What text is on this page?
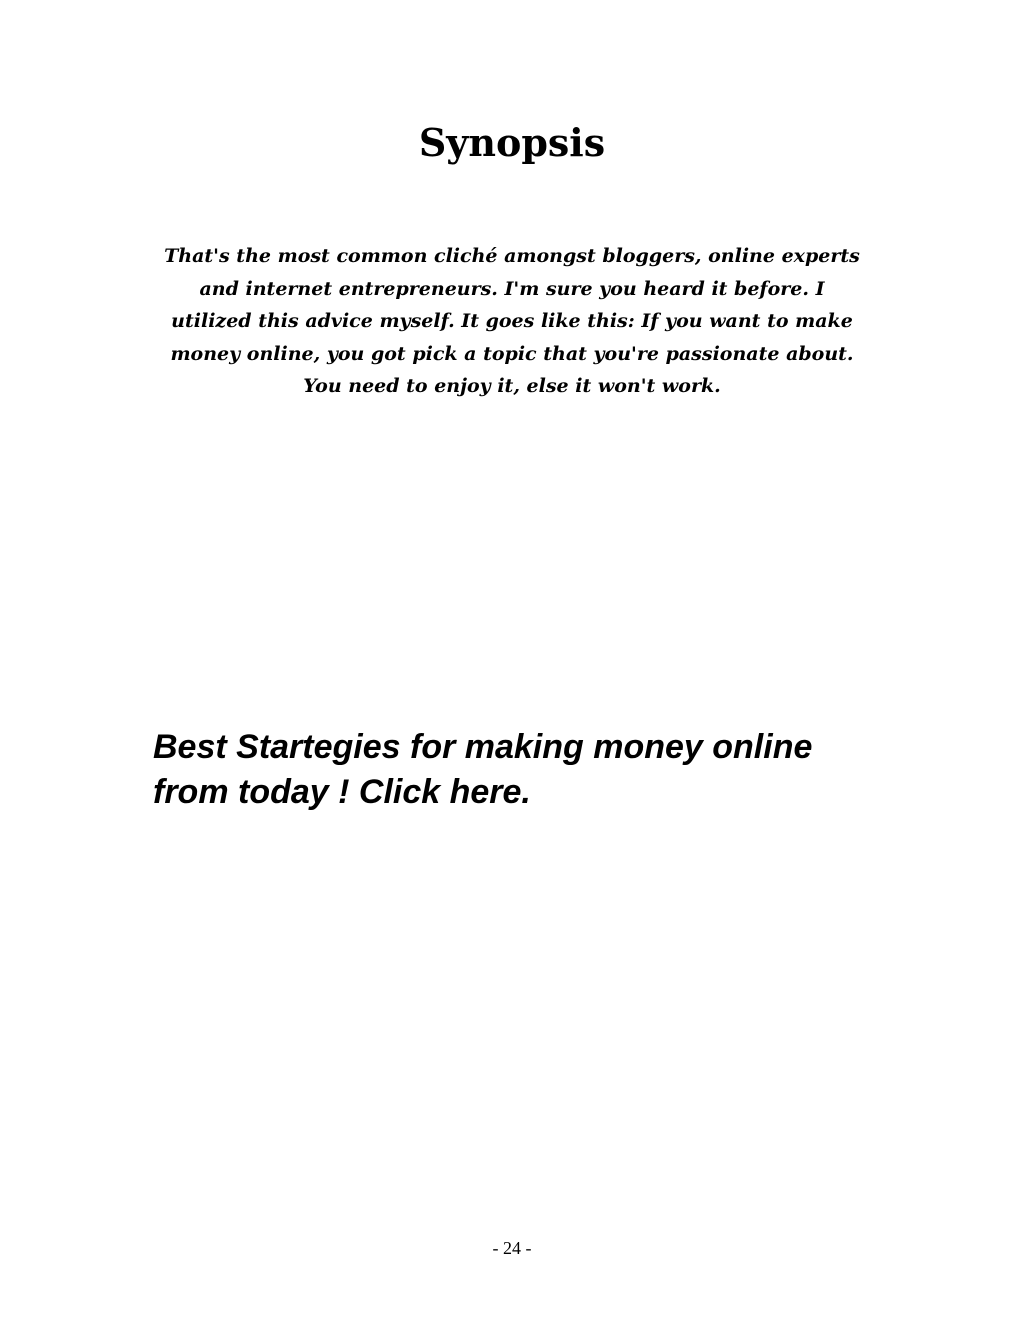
Synopsis

That's the most common cliché amongst bloggers, online experts and internet entrepreneurs. I'm sure you heard it before. I utilized this advice myself. It goes like this: If you want to make money online, you got pick a topic that you're passionate about. You need to enjoy it, else it won't work.

Best Startegies for making money online
from today ! Click here.
- 24 -
